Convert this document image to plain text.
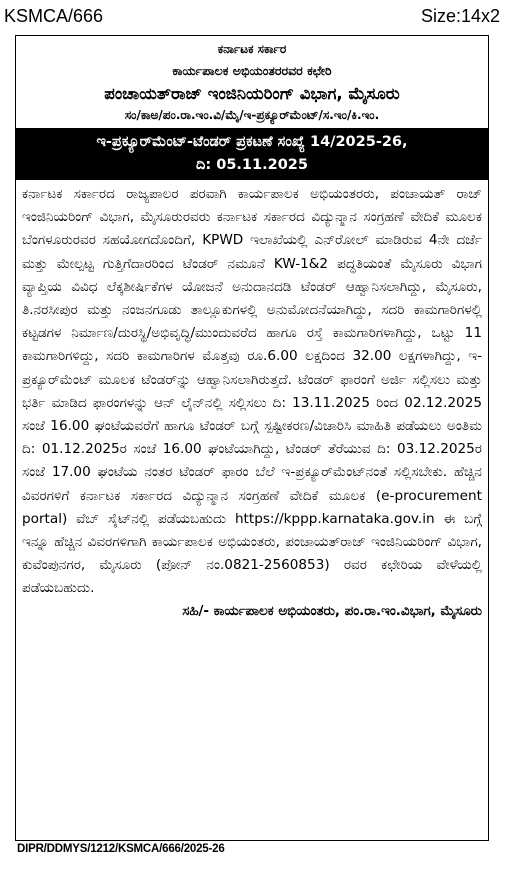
KSMCA/666	Size:14x2
ಕರ್ನಾಟಕ ಸರ್ಕಾರ
ಕಾರ್ಯಪಾಲಕ ಅಭಿಯಂತರರವರ ಕಛೇರಿ
ಪಂಚಾಯತ್‌ರಾಜ್ ಇಂಜಿನಿಯರಿಂಗ್ ವಿಭಾಗ, ಮೈಸೂರು
ಸಂ/ಕಾಅ/ಪಂ.ರಾ.ಇಂ.ವಿ/ಮೈ/ಇ-ಪ್ರಕ್ಯೂರ್‌ಮೆಂಟ್/ಸ.ಇಂ/ಕಿ.ಇಂ.
ಇ-ಪ್ರಕ್ಯೂರ್‌ಮೆಂಟ್-ಟೆಂಡರ್ ಪ್ರಕಟಣೆ ಸಂಖ್ಯೆ 14/2025-26,
ದಿ: 05.11.2025
ಕರ್ನಾಟಕ ಸರ್ಕಾರದ ರಾಜ್ಯಪಾಲರ ಪರವಾಗಿ ಕಾರ್ಯಪಾಲಕ ಅಭಿಯಂತರರು, ಪಂಚಾಯತ್ ರಾಜ್ ಇಂಜಿನಿಯರಿಂಗ್ ವಿಭಾಗ, ಮೈಸೂರುರವರು ಕರ್ನಾಟಕ ಸರ್ಕಾರದ ವಿದ್ಯುನ್ಮಾನ ಸಂಗ್ರಹಣೆ ವೇದಿಕೆ ಮೂಲಕ ಬೆಂಗಳೂರುರವರ ಸಹಯೋಗದೊಂದಿಗೆ, KPWD ಇಲಾಖೆಯಲ್ಲಿ ಎನ್‌ರೋಲ್ ಮಾಡಿರುವ 4ನೇ ದರ್ಜೆ ಮತ್ತು ಮೇಲ್ಪಟ್ಟ ಗುತ್ತಿಗೆದಾರರಿಂದ ಟೆಂಡರ್ ನಮೂನೆ KW-1&2 ಪದ್ಧತಿಯಂತೆ ಮೈಸೂರು ವಿಭಾಗ ವ್ಯಾಪ್ತಿಯ ವಿವಿಧ ಲೆಕ್ಕಶೀರ್ಷಿಕೆಗಳ ಯೋಜನೆ ಅನುದಾನದಡಿ ಟೆಂಡರ್ ಆಹ್ವಾನಿಸಲಾಗಿದ್ದು, ಮೈಸೂರು, ತಿ.ನರಸೀಪುರ ಮತ್ತು ನಂಜನಗೂಡು ತಾಲ್ಲೂಕುಗಳಲ್ಲಿ ಅನುಮೋದನೆಯಾಗಿದ್ದು, ಸದರಿ ಕಾಮಗಾರಿಗಳಲ್ಲಿ ಕಟ್ಟಡಗಳ ನಿರ್ಮಾಣ/ದುರಸ್ಥಿ/ಅಭಿವೃದ್ಧಿ/ಮುಂದುವರೆದ ಹಾಗೂ ರಸ್ತೆ ಕಾಮಗಾರಿಗಳಾಗಿದ್ದು, ಒಟ್ಟು 11 ಕಾಮಗಾರಿಗಳಿದ್ದು, ಸದರಿ ಕಾಮಗಾರಿಗಳ ಮೊತ್ತವು ರೂ.6.00 ಲಕ್ಷದಿಂದ 32.00 ಲಕ್ಷಗಳಾಗಿದ್ದು, ಇ-ಪ್ರಕ್ಯೂರ್‌ಮೆಂಟ್ ಮೂಲಕ ಟೆಂಡರ್‌ನ್ನು ಆಹ್ವಾನಿಸಲಾಗಿರುತ್ತದೆ. ಟೆಂಡರ್ ಫಾರಂಗೆ ಅರ್ಜಿ ಸಲ್ಲಿಸಲು ಮತ್ತು ಭರ್ತಿ ಮಾಡಿದ ಫಾರಂಗಳನ್ನು ಆನ್ ಲೈನ್‌ನಲ್ಲಿ ಸಲ್ಲಿಸಲು ದಿ: 13.11.2025 ರಿಂದ 02.12.2025 ಸಂಜೆ 16.00 ಘಂಟೆಯವರೆಗೆ ಹಾಗೂ ಟೆಂಡರ್ ಬಗ್ಗೆ ಸ್ಪಷ್ಟೀಕರಣ/ವಿಚಾರಿಸಿ ಮಾಹಿತಿ ಪಡೆಯಲು ಅಂತಿಮ ದಿ: 01.12.2025ರ ಸಂಜೆ 16.00 ಘಂಟೆಯಾಗಿದ್ದು, ಟೆಂಡರ್ ತೆರೆಯುವ ದಿ: 03.12.2025ರ ಸಂಜೆ 17.00 ಘಂಟೆಯ ನಂತರ ಟೆಂಡರ್ ಫಾರಂ ಬೆಲೆ ಇ-ಪ್ರಕ್ಯೂರ್‌ಮೆಂಟ್‌ನಂತೆ ಸಲ್ಲಿಸಬೇಕು. ಹೆಚ್ಚಿನ ವಿವರಗಳಿಗೆ ಕರ್ನಾಟಕ ಸರ್ಕಾರದ ವಿದ್ಯುನ್ಮಾನ ಸಂಗ್ರಹಣೆ ವೇದಿಕೆ ಮೂಲಕ (e-procurement portal) ವೆಬ್ ಸೈಟ್‌ನಲ್ಲಿ ಪಡೆಯಬಹುದು https://kppp.karnataka.gov.in ಈ ಬಗ್ಗೆ ಇನ್ನೂ ಹೆಚ್ಚಿನ ವಿವರಗಳಿಗಾಗಿ ಕಾರ್ಯಪಾಲಕ ಅಭಿಯಂತರು, ಪಂಚಾಯತ್‌ರಾಜ್ ಇಂಜಿನಿಯರಿಂಗ್ ವಿಭಾಗ, ಕುವೆಂಪುನಗರ, ಮೈಸೂರು (ಪೋನ್ ನಂ.0821-2560853) ರವರ ಕಛೇರಿಯ ವೇಳೆಯಲ್ಲಿ ಪಡೆಯಬಹುದು.
ಸಹಿ/- ಕಾರ್ಯಪಾಲಕ ಅಭಿಯಂತರು, ಪಂ.ರಾ.ಇಂ.ವಿಭಾಗ, ಮೈಸೂರು
DIPR/DDMYS/1212/KSMCA/666/2025-26
